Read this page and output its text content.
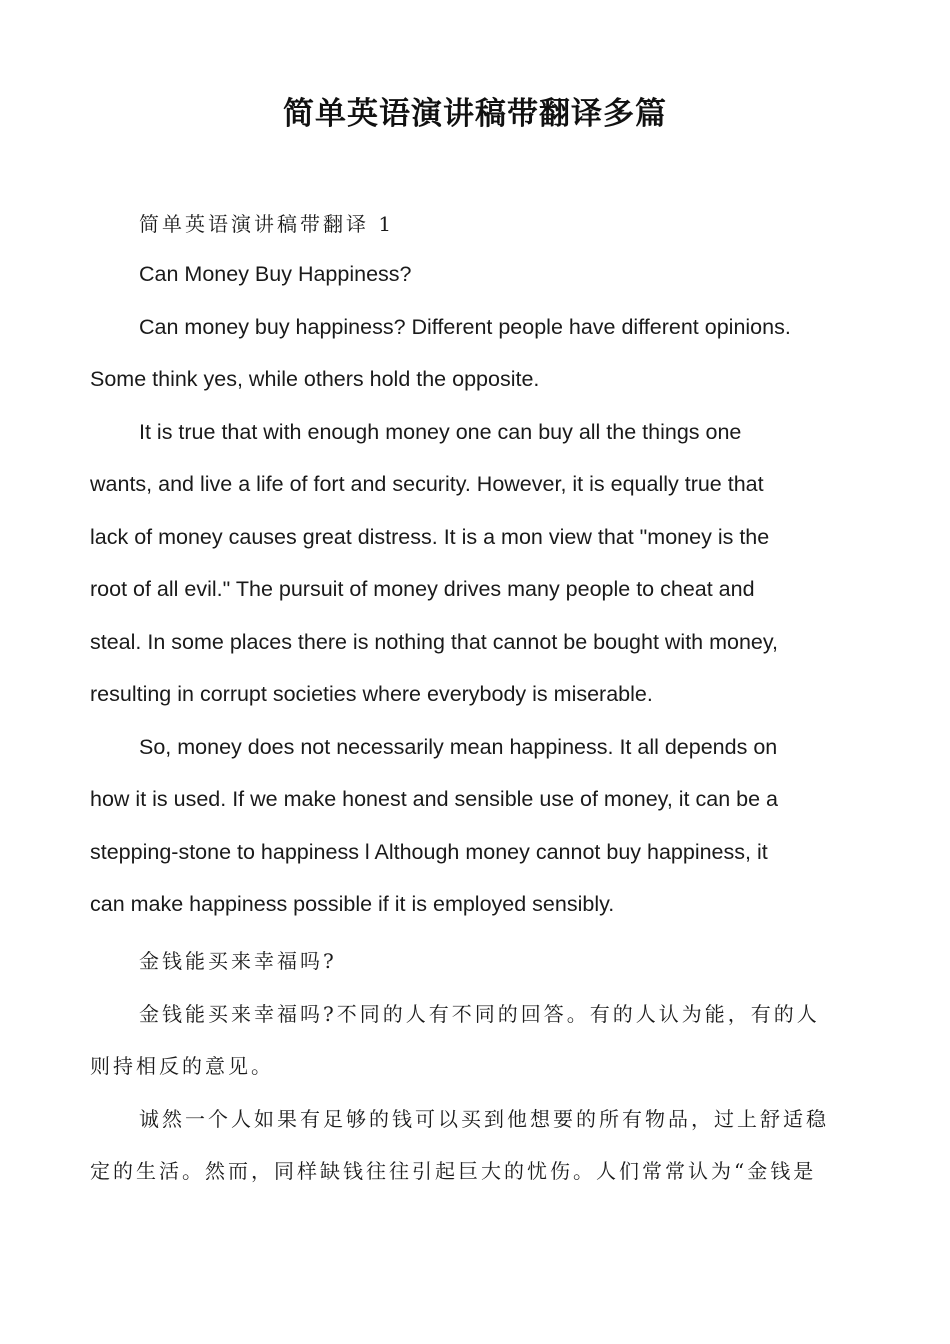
简单英语演讲稿带翻译多篇
简单英语演讲稿带翻译 1
Can Money Buy Happiness?
Can money buy happiness? Different people have different opinions.
Some think yes, while others hold the opposite.
It is true that with enough money one can buy all the things one
wants, and live a life of fort and security. However, it is equally true that
lack of money causes great distress. It is a mon view that "money is the
root of all evil." The pursuit of money drives many people to cheat and
steal. In some places there is nothing that cannot be bought with money,
resulting in corrupt societies where everybody is miserable.
So, money does not necessarily mean happiness. It all depends on
how it is used. If we make honest and sensible use of money, it can be a
stepping-stone to happiness l Although money cannot buy happiness, it
can make happiness possible if it is employed sensibly.
金钱能买来幸福吗?
金钱能买来幸福吗?不同的人有不同的回答。有的人认为能，有的人
则持相反的意见。
诚然一个人如果有足够的钱可以买到他想要的所有物品，过上舒适稳
定的生活。然而，同样缺钱往往引起巨大的忧伤。人们常常认为“金钱是
